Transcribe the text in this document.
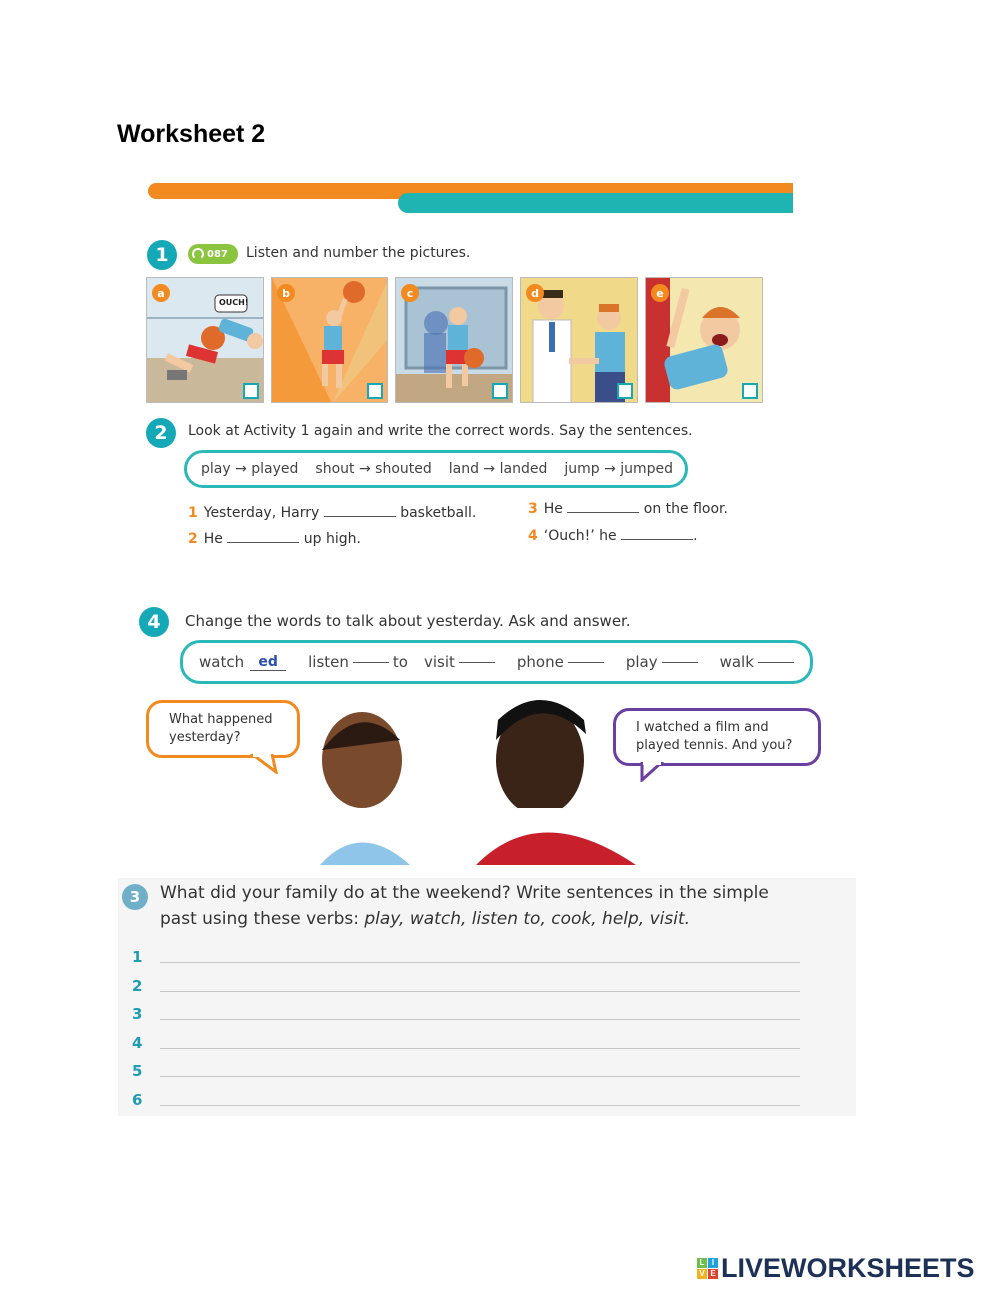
Worksheet 2
1	087 Listen and number the pictures.
OUCH!
a	b	c	d	e
2	Look at Activity 1 again and write the correct words. Say the sentences.
play → played shout → shouted land → landed jump → jumped
1 Yesterday, Harry	basketball.
2 He	up high.
3 He	on the floor.
4 ‘Ouch!’ he	.
4	Change the words to talk about yesterday. Ask and answer.
watch	ed	listen	to visit	phone	play	walk
What happened
yesterday?
I watched a film and
played tennis. And you?
3	What did your family do at the weekend? Write sentences in the simple
past using these verbs: play, watch, listen to, cook, help, visit.
1
2
3
4
5
6
L I
V E LIVEWORKSHEETS
